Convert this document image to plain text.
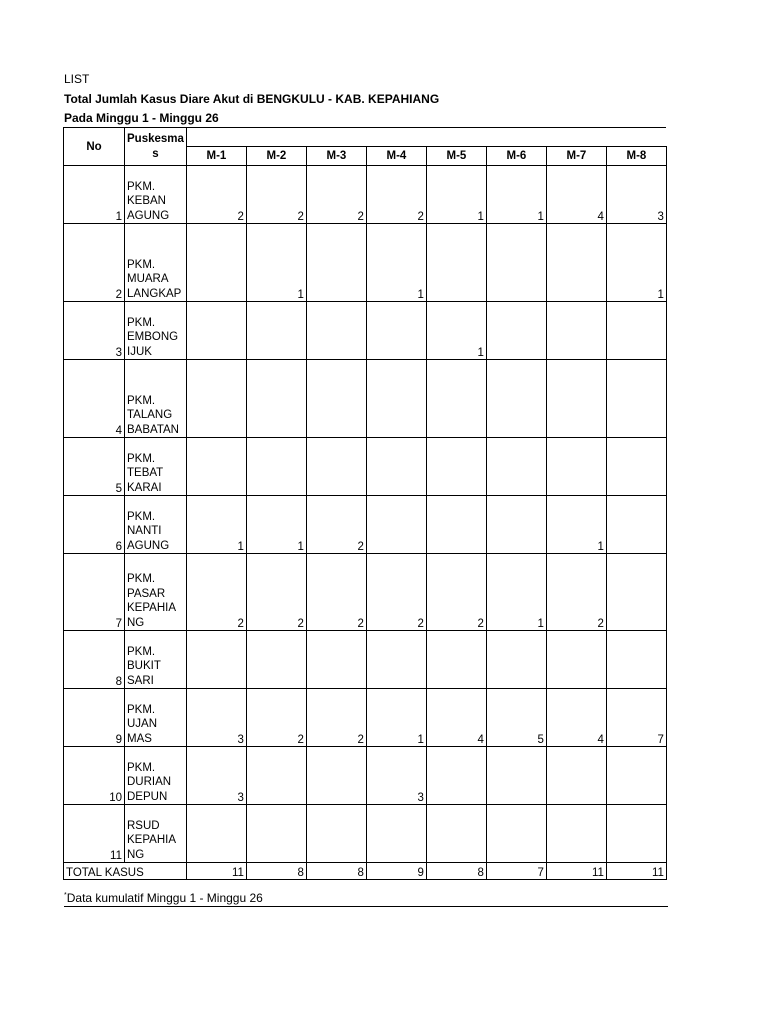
LIST
Total Jumlah Kasus Diare Akut di BENGKULU - KAB. KEPAHIANG
Pada Minggu 1 - Minggu 26
No	Puskesma
s								

		M-1	M-2	M-3	M-4	M-5	M-6	M-7	M-8
1	PKM.
KEBAN
AGUNG	2	2	2	2	1	1	4	3
2	PKM.
MUARA
LANGKAP		1		1				1
3	PKM.
EMBONG
IJUK					1			
4	PKM.
TALANG
BABATAN								

5	PKM.
TEBAT
KARAI								

6	PKM.
NANTI
AGUNG	1	1	2				1	
7	PKM.
PASAR
KEPAHIA
NG	2	2	2	2	2	1	2	
8	PKM.
BUKIT
SARI								

9	PKM.
UJAN
MAS	3	2	2	1	4	5	4	7
10	PKM.
DURIAN
DEPUN	3			3				
11	RSUD
KEPAHIA
NG								

TOTAL KASUS		11	8	8	9	8	7	11	11
*Data kumulatif Minggu 1 - Minggu 26
